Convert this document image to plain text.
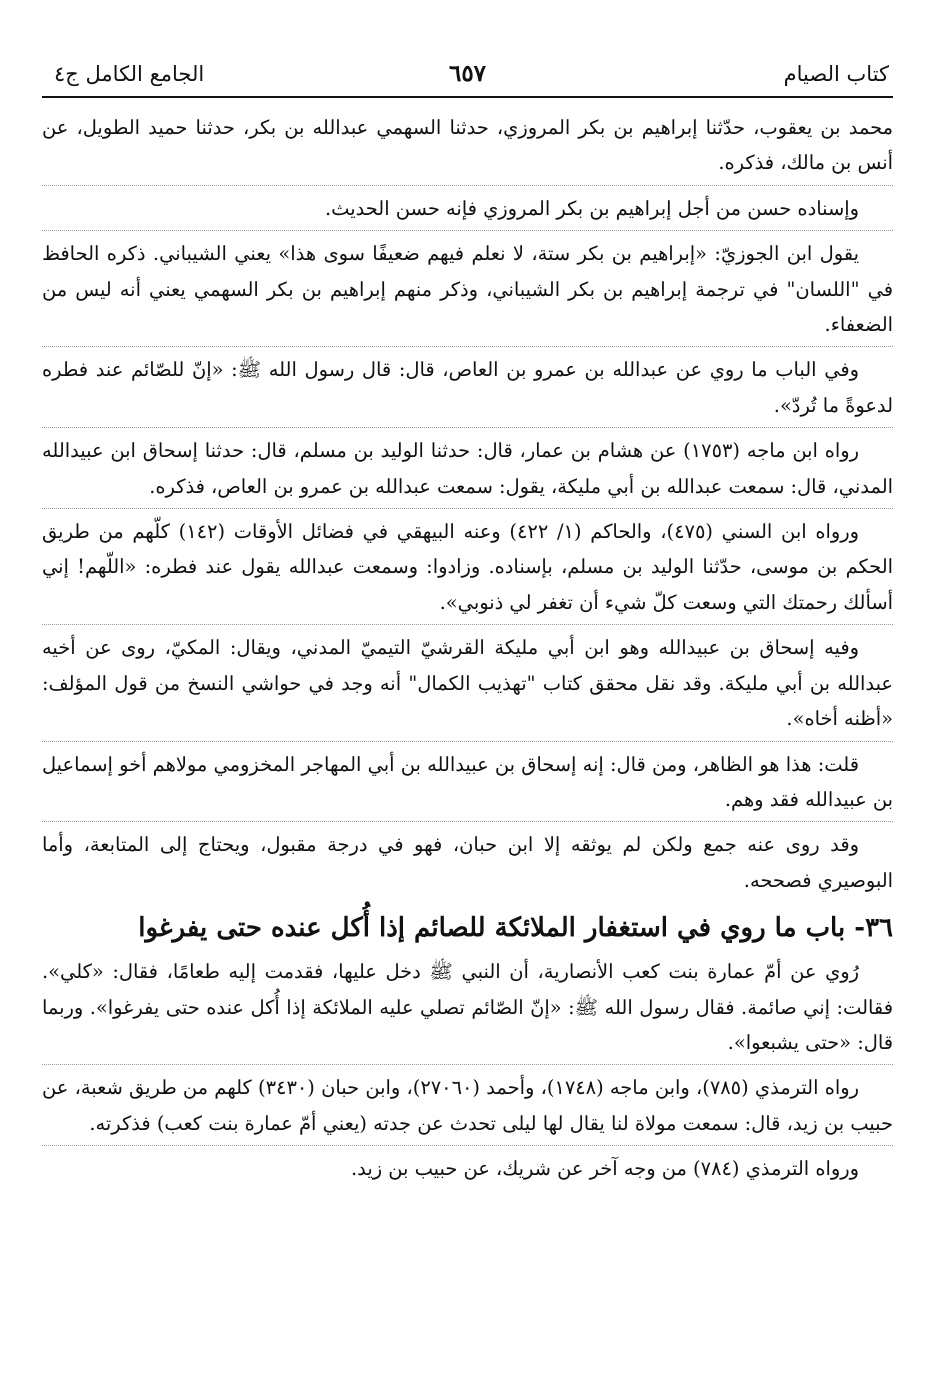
كتاب الصيام
٦٥٧
الجامع الكامل ج٤

محمد بن يعقوب، حدّثنا إبراهيم بن بكر المروزي، حدثنا السهمي عبدالله بن بكر، حدثنا حميد الطويل، عن أنس بن مالك، فذكره.

وإسناده حسن من أجل إبراهيم بن بكر المروزي فإنه حسن الحديث.

يقول ابن الجوزيّ: «إبراهيم بن بكر ستة، لا نعلم فيهم ضعيفًا سوى هذا» يعني الشيباني. ذكره الحافظ في "اللسان" في ترجمة إبراهيم بن بكر الشيباني، وذكر منهم إبراهيم بن بكر السهمي يعني أنه ليس من الضعفاء.

وفي الباب ما روي عن عبدالله بن عمرو بن العاص، قال: قال رسول الله ﷺ: «إنّ للصّائم عند فطره لدعوةً ما تُردّ».

رواه ابن ماجه (١٧٥٣) عن هشام بن عمار، قال: حدثنا الوليد بن مسلم، قال: حدثنا إسحاق ابن عبيدالله المدني، قال: سمعت عبدالله بن أبي مليكة، يقول: سمعت عبدالله بن عمرو بن العاص، فذكره.

ورواه ابن السني (٤٧٥)، والحاكم (١/ ٤٢٢) وعنه البيهقي في فضائل الأوقات (١٤٢) كلّهم من طريق الحكم بن موسى، حدّثنا الوليد بن مسلم، بإسناده. وزادوا: وسمعت عبدالله يقول عند فطره: «اللّهم! إني أسألك رحمتك التي وسعت كلّ شيء أن تغفر لي ذنوبي».

وفيه إسحاق بن عبيدالله وهو ابن أبي مليكة القرشيّ التيميّ المدني، ويقال: المكيّ، روى عن أخيه عبدالله بن أبي مليكة. وقد نقل محقق كتاب "تهذيب الكمال" أنه وجد في حواشي النسخ من قول المؤلف: «أظنه أخاه».

قلت: هذا هو الظاهر، ومن قال: إنه إسحاق بن عبيدالله بن أبي المهاجر المخزومي مولاهم أخو إسماعيل بن عبيدالله فقد وهم.

وقد روى عنه جمع ولكن لم يوثقه إلا ابن حبان، فهو في درجة مقبول، ويحتاج إلى المتابعة، وأما البوصيري فصححه.

٣٦- باب ما روي في استغفار الملائكة للصائم إذا أُكل عنده حتى يفرغوا

رُوي عن أمّ عمارة بنت كعب الأنصارية، أن النبي ﷺ دخل عليها، فقدمت إليه طعامًا، فقال: «كلي». فقالت: إني صائمة. فقال رسول الله ﷺ: «إنّ الصّائم تصلي عليه الملائكة إذا أُكل عنده حتى يفرغوا». وربما قال: «حتى يشبعوا».

رواه الترمذي (٧٨٥)، وابن ماجه (١٧٤٨)، وأحمد (٢٧٠٦٠)، وابن حبان (٣٤٣٠) كلهم من طريق شعبة، عن حبيب بن زيد، قال: سمعت مولاة لنا يقال لها ليلى تحدث عن جدته (يعني أمّ عمارة بنت كعب) فذكرته.

ورواه الترمذي (٧٨٤) من وجه آخر عن شريك، عن حبيب بن زيد.
